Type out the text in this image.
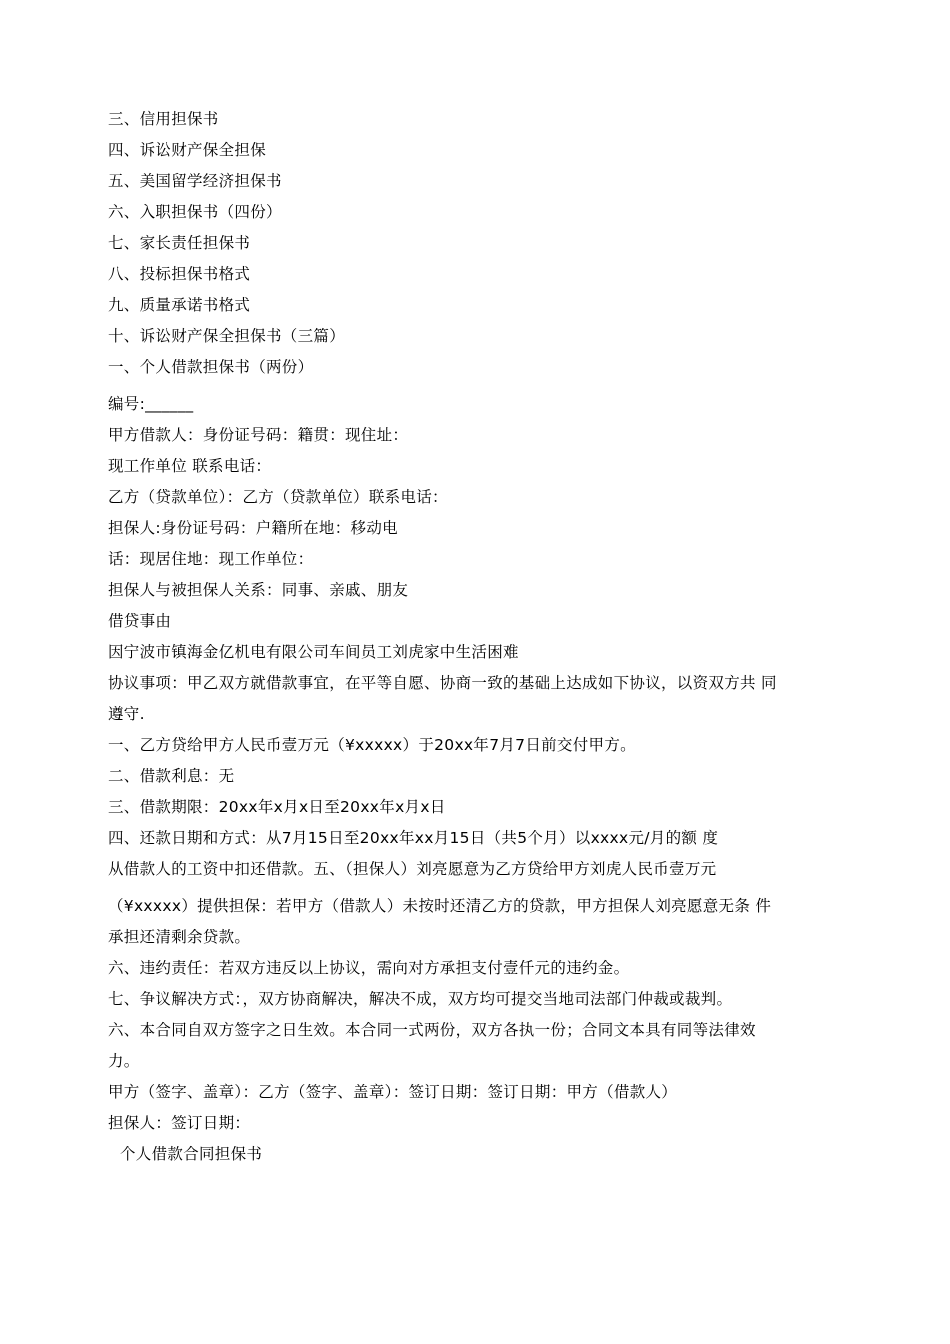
三、信用担保书
四、诉讼财产保全担保
五、美国留学经济担保书
六、入职担保书（四份）
七、家长责任担保书
八、投标担保书格式
九、质量承诺书格式
十、诉讼财产保全担保书（三篇）
一、个人借款担保书（两份）
编号:______
甲方借款人：身份证号码：籍贯：现住址：
现工作单位 联系电话：
乙方（贷款单位）：乙方（贷款单位）联系电话：
担保人:身份证号码：户籍所在地：移动电
话：现居住地：现工作单位：
担保人与被担保人关系：同事、亲戚、朋友
借贷事由
因宁波市镇海金亿机电有限公司车间员工刘虎家中生活困难
协议事项：甲乙双方就借款事宜，在平等自愿、协商一致的基础上达成如下协议，以资双方共 同
遵守.
一、乙方贷给甲方人民币壹万元（¥xxxxx）于20xx年7月7日前交付甲方。
二、借款利息：无
三、借款期限：20xx年x月x日至20xx年x月x日
四、还款日期和方式：从7月15日至20xx年xx月15日（共5个月）以xxxx元/月的额 度
从借款人的工资中扣还借款。五、（担保人）刘亮愿意为乙方贷给甲方刘虎人民币壹万元
（¥xxxxx）提供担保：若甲方（借款人）未按时还清乙方的贷款，甲方担保人刘亮愿意无条 件
承担还清剩余贷款。
六、违约责任：若双方违反以上协议，需向对方承担支付壹仟元的违约金。
七、争议解决方式：，双方协商解决，解决不成，双方均可提交当地司法部门仲裁或裁判。
六、本合同自双方签字之日生效。本合同一式两份，双方各执一份；合同文本具有同等法律效
力。
甲方（签字、盖章）：乙方（签字、盖章）：签订日期：签订日期：甲方（借款人）
担保人：签订日期：
个人借款合同担保书
